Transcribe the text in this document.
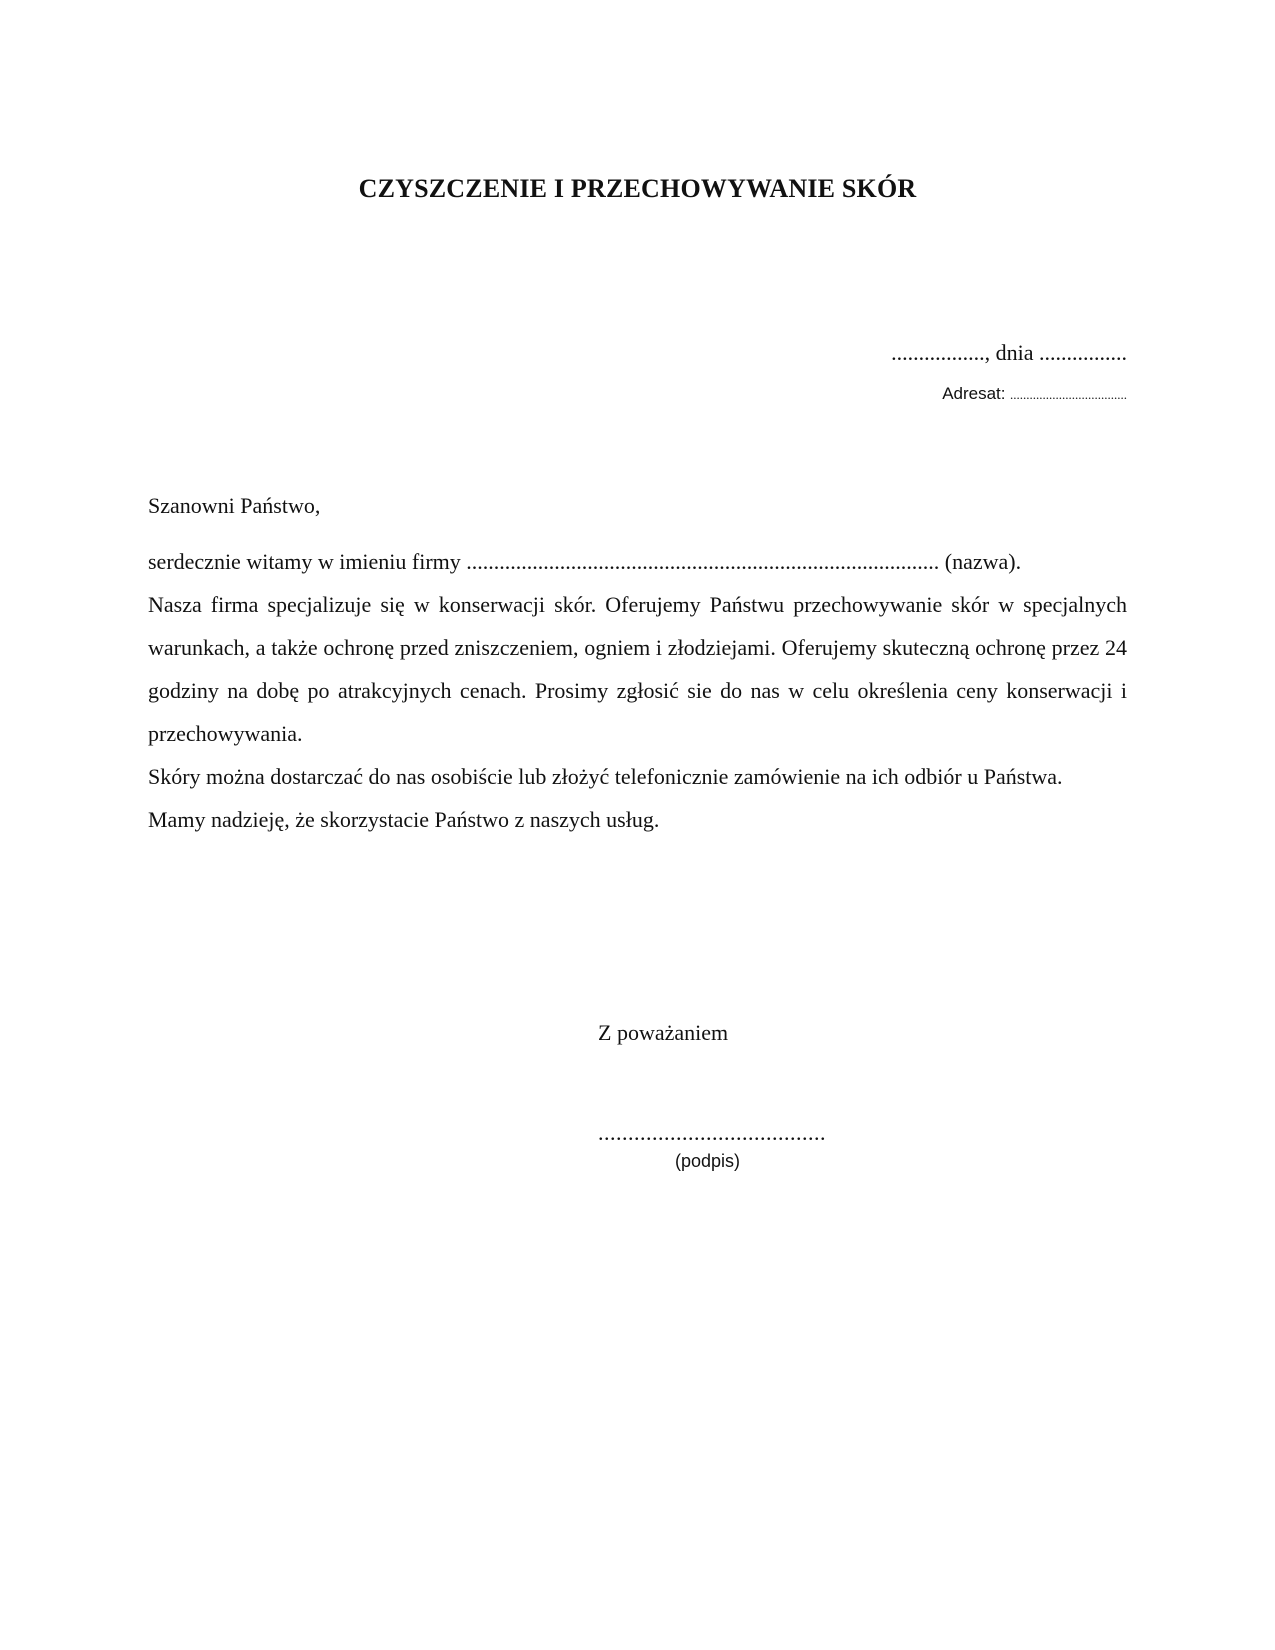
CZYSZCZENIE I PRZECHOWYWANIE SKÓR
................., dnia ................
Adresat: ....................................
Szanowni Państwo,

serdecznie witamy w imieniu firmy ...................................................................................... (nazwa).

Nasza firma specjalizuje się w konserwacji skór. Oferujemy Państwu przechowywanie skór w specjalnych warunkach, a także ochronę przed zniszczeniem, ogniem i złodziejami. Oferujemy skuteczną ochronę przez 24 godziny na dobę po atrakcyjnych cenach. Prosimy zgłosić sie do nas w celu określenia ceny konserwacji i przechowywania.

Skóry można dostarczać do nas osobiście lub złożyć telefonicznie zamówienie na ich odbiór u Państwa.

Mamy nadzieję, że skorzystacie Państwo z naszych usług.

Z poważaniem
......................................
(podpis)
